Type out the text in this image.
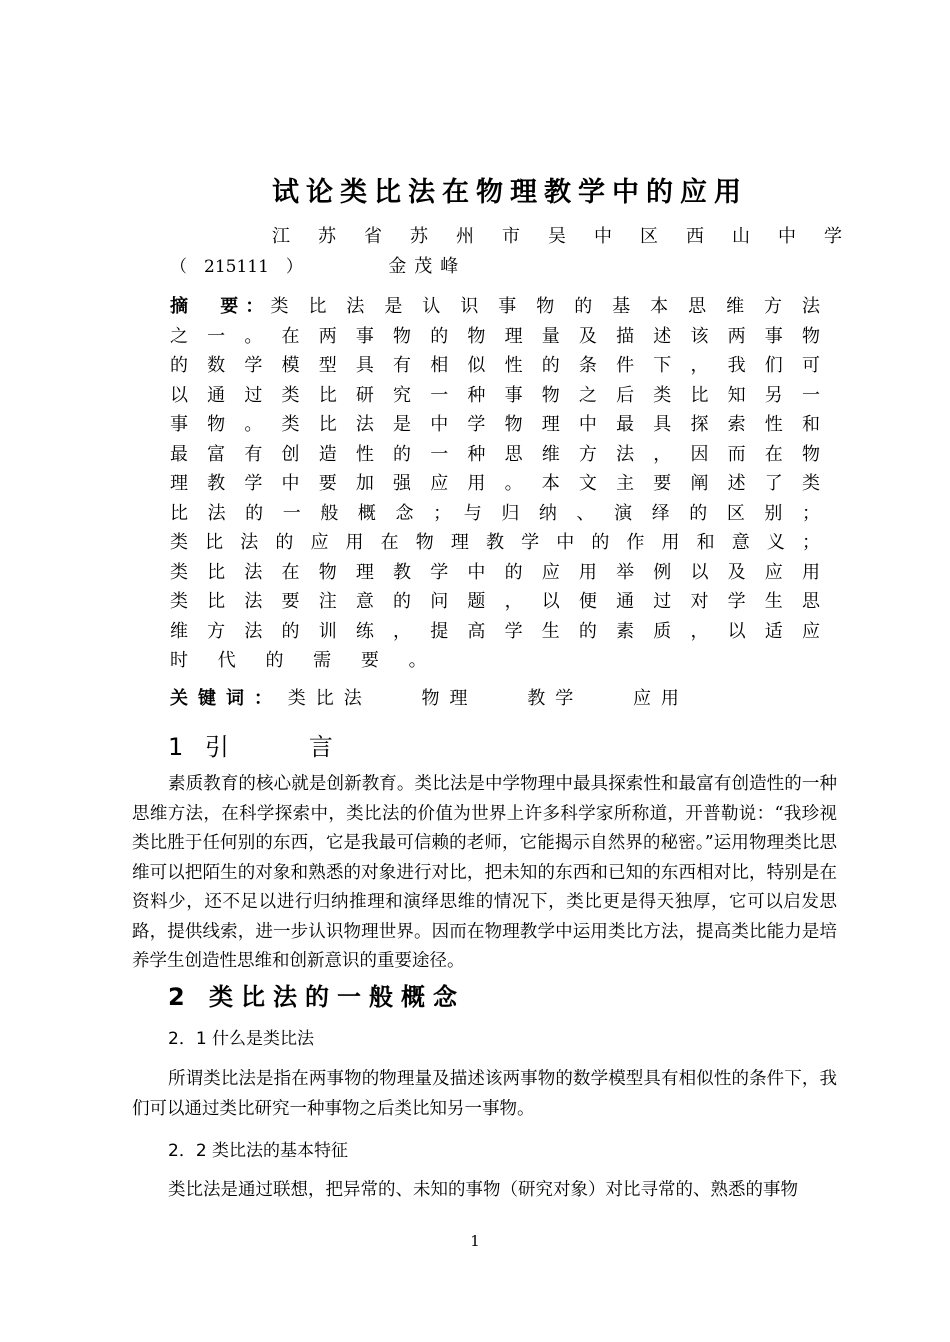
试论类比法在物理教学中的应用
江 苏 省 苏 州 市 吴 中 区 西 山 中 学
（　215111　）	金茂峰
摘　要：类 比 法 是 认 识 事 物 的 基 本 思 维 方 法
之 一 。 在 两 事 物 的 物 理 量 及 描 述 该 两 事 物
的 数 学 模 型 具 有 相 似 性 的 条 件 下 ， 我 们 可
以 通 过 类 比 研 究 一 种 事 物 之 后 类 比 知 另 一
事 物 。 类 比 法 是 中 学 物 理 中 最 具 探 索 性 和
最 富 有 创 造 性 的 一 种 思 维 方 法 ， 因 而 在 物
理 教 学 中 要 加 强 应 用 。 本 文 主 要 阐 述 了 类
比 法 的 一 般 概 念 ； 与 归 纳 、 演 绎 的 区 别 ；
类 比 法 的 应 用 在 物 理 教 学 中 的 作 用 和 意 义 ；
类 比 法 在 物 理 教 学 中 的 应 用 举 例 以 及 应 用
类 比 法 要 注 意 的 问 题 ， 以 便 通 过 对 学 生 思
维 方 法 的 训 练 ， 提 高 学 生 的 素 质 ， 以 适 应
时 代 的 需 要 。
关键词： 类比法	物理	教学	应用
1 引	言

素质教育的核心就是创新教育。类比法是中学物理中最具探索性和最富有创造性的一种思维方法，在科学探索中，类比法的价值为世界上许多科学家所称道，开普勒说：“我珍视类比胜于任何别的东西，它是我最可信赖的老师，它能揭示自然界的秘密。”运用物理类比思维可以把陌生的对象和熟悉的对象进行对比，把未知的东西和已知的东西相对比，特别是在资料少，还不足以进行归纳推理和演绎思维的情况下，类比更是得天独厚，它可以启发思路，提供线索，进一步认识物理世界。因而在物理教学中运用类比方法，提高类比能力是培养学生创造性思维和创新意识的重要途径。

2 类比法的一般概念
2．1 什么是类比法

所谓类比法是指在两事物的物理量及描述该两事物的数学模型具有相似性的条件下，我们可以通过类比研究一种事物之后类比知另一事物。

2．2 类比法的基本特征

类比法是通过联想，把异常的、未知的事物（研究对象）对比寻常的、熟悉的事物

1
